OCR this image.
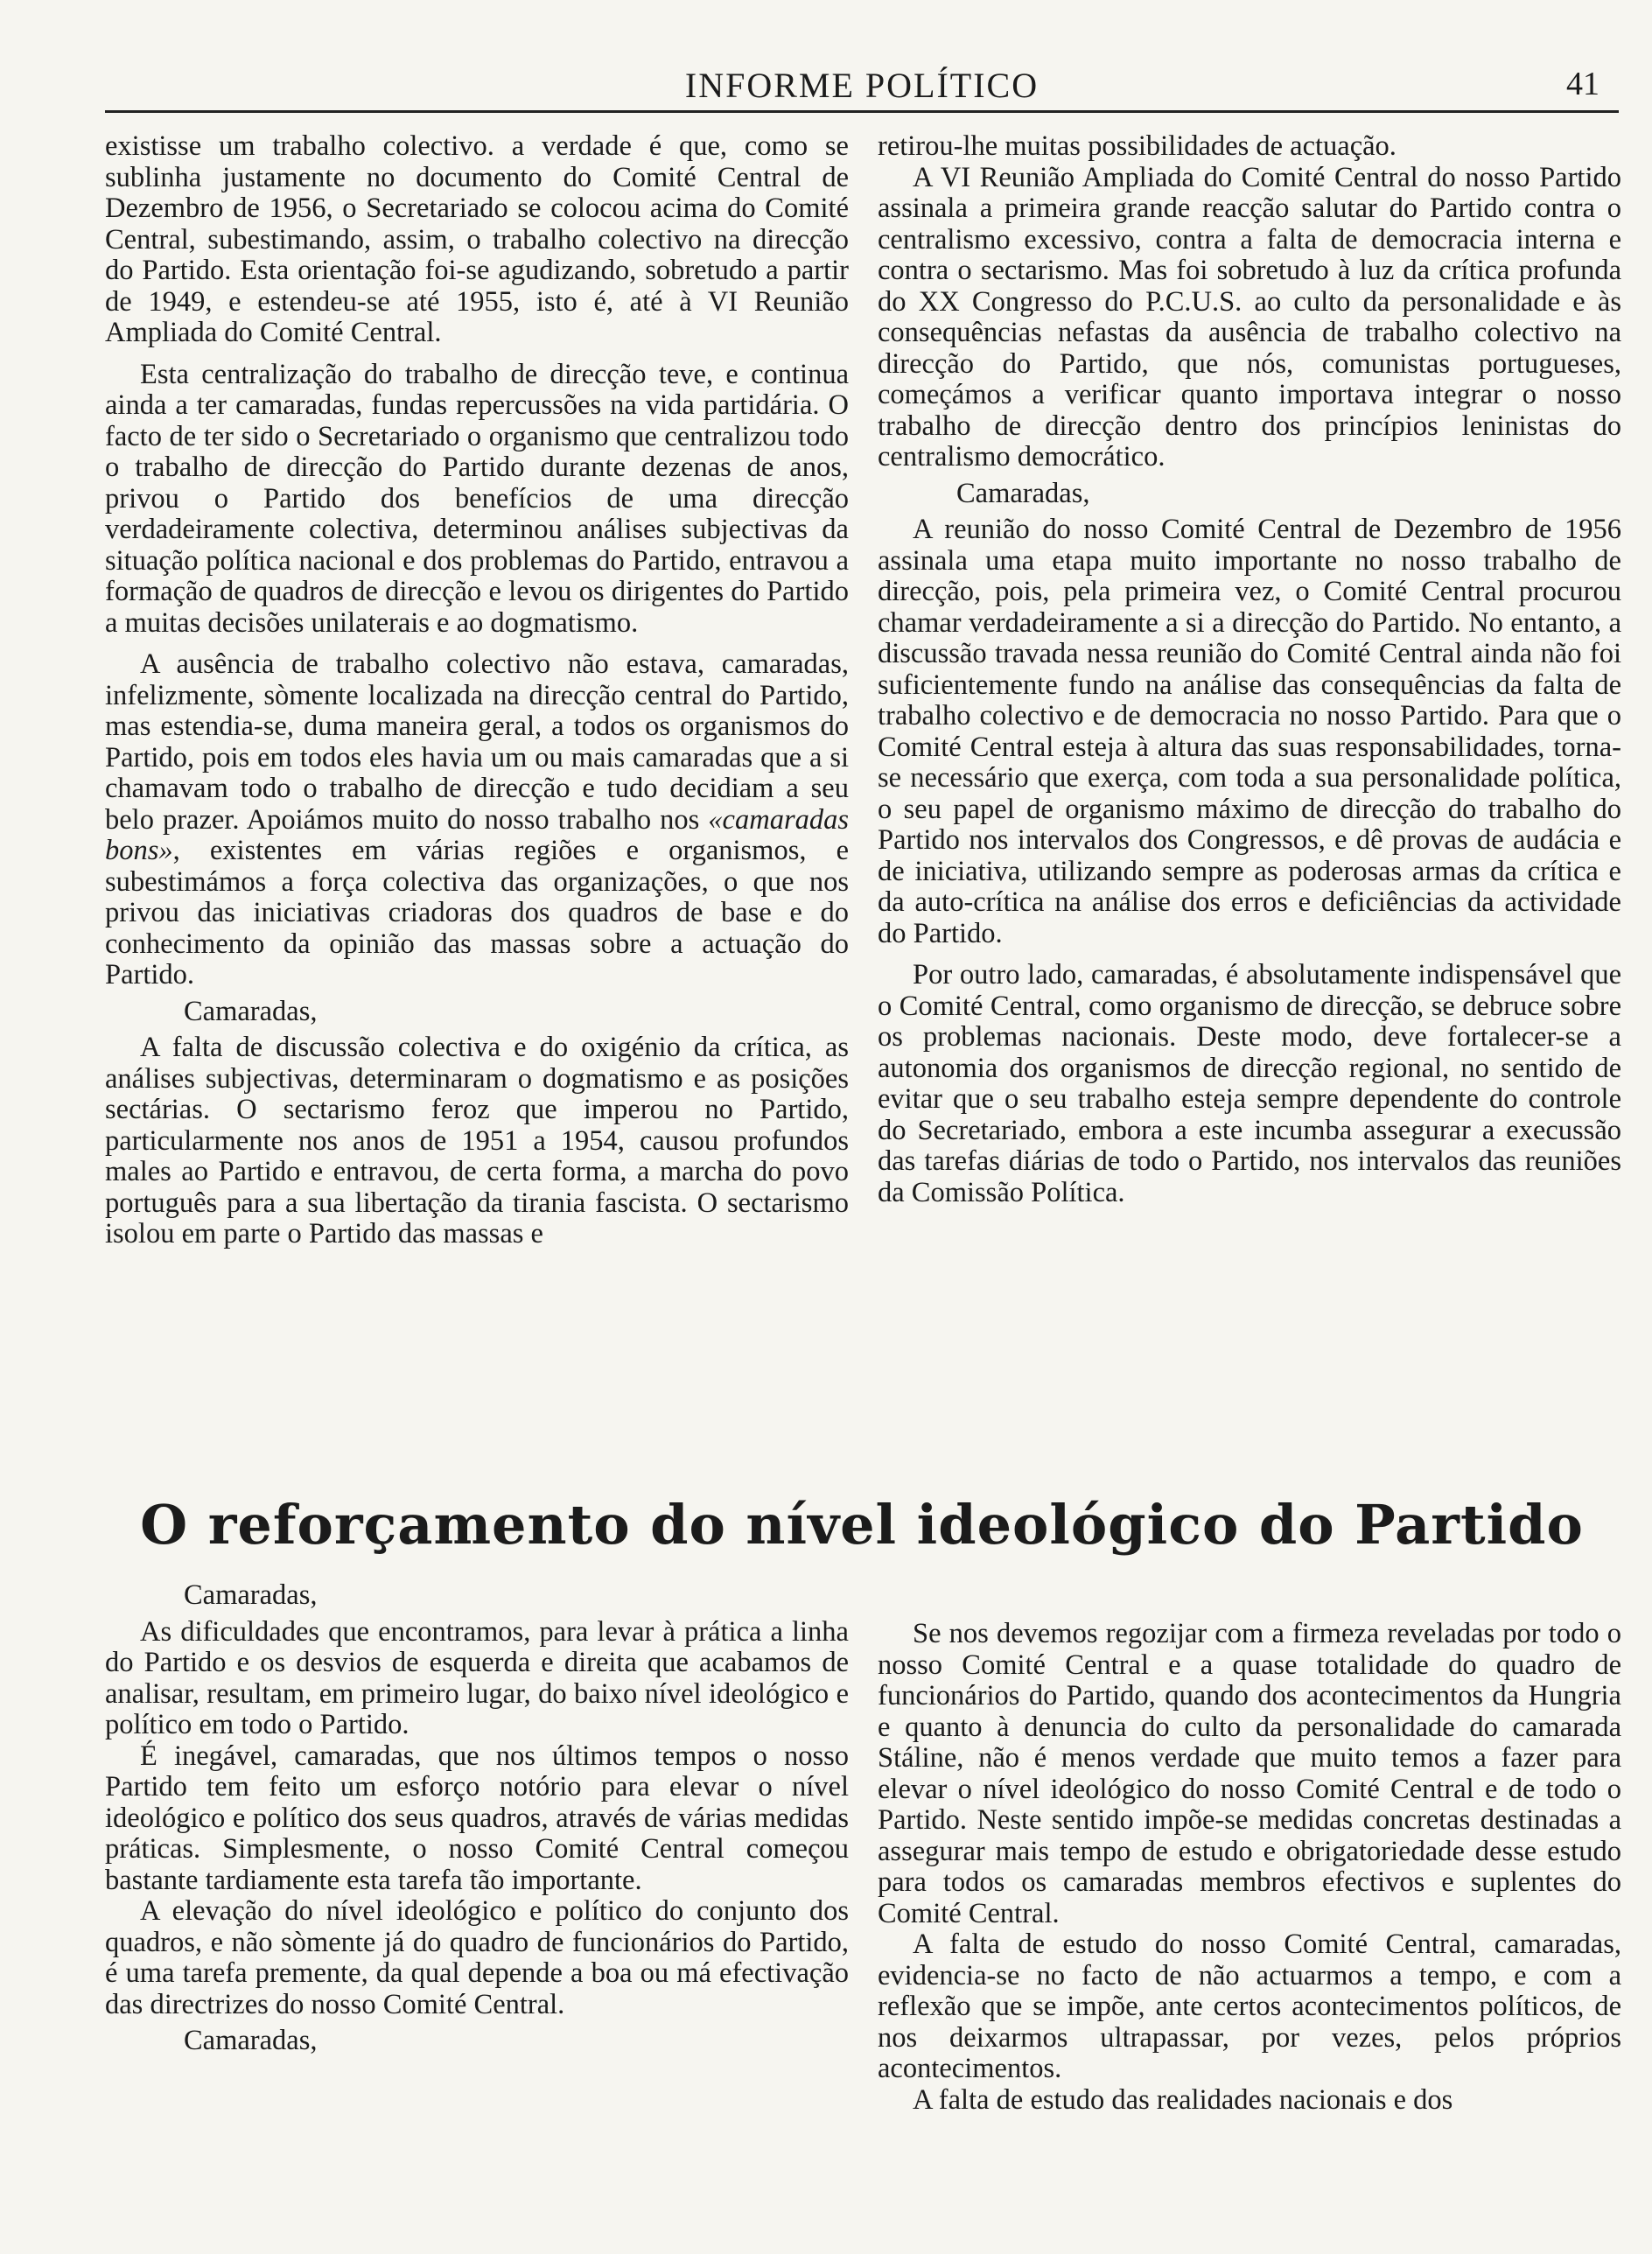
INFORME POLÍTICO	41

existisse um trabalho colectivo. a verdade é que, como se sublinha justamente no documento do Comité Central de Dezembro de 1956, o Secretariado se colocou acima do Comité Central, subestimando, assim, o trabalho colectivo na direcção do Partido. Esta orientação foi-se agudizando, sobretudo a partir de 1949, e estendeu-se até 1955, isto é, até à VI Reunião Ampliada do Comité Central.

Esta centralização do trabalho de direcção teve, e continua ainda a ter camaradas, fundas repercussões na vida partidária. O facto de ter sido o Secretariado o organismo que centralizou todo o trabalho de direcção do Partido durante dezenas de anos, privou o Partido dos benefícios de uma direcção verdadeiramente colectiva, determinou análises subjectivas da situação política nacional e dos problemas do Partido, entravou a formação de quadros de direcção e levou os dirigentes do Partido a muitas decisões unilaterais e ao dogmatismo.

A ausência de trabalho colectivo não estava, camaradas, infelizmente, sòmente localizada na direcção central do Partido, mas estendia-se, duma maneira geral, a todos os organismos do Partido, pois em todos eles havia um ou mais camaradas que a si chamavam todo o trabalho de direcção e tudo decidiam a seu belo prazer. Apoiámos muito do nosso trabalho nos «camaradas bons», existentes em várias regiões e organismos, e subestimámos a força colectiva das organizações, o que nos privou das iniciativas criadoras dos quadros de base e do conhecimento da opinião das massas sobre a actuação do Partido.

Camaradas,

A falta de discussão colectiva e do oxigénio da crítica, as análises subjectivas, determinaram o dogmatismo e as posições sectárias. O sectarismo feroz que imperou no Partido, particularmente nos anos de 1951 a 1954, causou profundos males ao Partido e entravou, de certa forma, a marcha do povo português para a sua libertação da tirania fascista. O sectarismo isolou em parte o Partido das massas e

retirou-lhe muitas possibilidades de actuação.

A VI Reunião Ampliada do Comité Central do nosso Partido assinala a primeira grande reacção salutar do Partido contra o centralismo excessivo, contra a falta de democracia interna e contra o sectarismo. Mas foi sobretudo à luz da crítica profunda do XX Congresso do P.C.U.S. ao culto da personalidade e às consequências nefastas da ausência de trabalho colectivo na direcção do Partido, que nós, comunistas portugueses, começámos a verificar quanto importava integrar o nosso trabalho de direcção dentro dos princípios leninistas do centralismo democrático.

Camaradas,

A reunião do nosso Comité Central de Dezembro de 1956 assinala uma etapa muito importante no nosso trabalho de direcção, pois, pela primeira vez, o Comité Central procurou chamar verdadeiramente a si a direcção do Partido. No entanto, a discussão travada nessa reunião do Comité Central ainda não foi suficientemente fundo na análise das consequências da falta de trabalho colectivo e de democracia no nosso Partido. Para que o Comité Central esteja à altura das suas responsabilidades, torna-se necessário que exerça, com toda a sua personalidade política, o seu papel de organismo máximo de direcção do trabalho do Partido nos intervalos dos Congressos, e dê provas de audácia e de iniciativa, utilizando sempre as poderosas armas da crítica e da auto-crítica na análise dos erros e deficiências da actividade do Partido.

Por outro lado, camaradas, é absolutamente indispensável que o Comité Central, como organismo de direcção, se debruce sobre os problemas nacionais. Deste modo, deve fortalecer-se a autonomia dos organismos de direcção regional, no sentido de evitar que o seu trabalho esteja sempre dependente do controle do Secretariado, embora a este incumba assegurar a execussão das tarefas diárias de todo o Partido, nos intervalos das reuniões da Comissão Política.

O reforçamento do nível ideológico do Partido

Camaradas,

As dificuldades que encontramos, para levar à prática a linha do Partido e os desvios de esquerda e direita que acabamos de analisar, resultam, em primeiro lugar, do baixo nível ideológico e político em todo o Partido.

É inegável, camaradas, que nos últimos tempos o nosso Partido tem feito um esforço notório para elevar o nível ideológico e político dos seus quadros, através de várias medidas práticas. Simplesmente, o nosso Comité Central começou bastante tardiamente esta tarefa tão importante.

A elevação do nível ideológico e político do conjunto dos quadros, e não sòmente já do quadro de funcionários do Partido, é uma tarefa premente, da qual depende a boa ou má efectivação das directrizes do nosso Comité Central.

Camaradas,

Se nos devemos regozijar com a firmeza reveladas por todo o nosso Comité Central e a quase totalidade do quadro de funcionários do Partido, quando dos acontecimentos da Hungria e quanto à denuncia do culto da personalidade do camarada Stáline, não é menos verdade que muito temos a fazer para elevar o nível ideológico do nosso Comité Central e de todo o Partido. Neste sentido impõe-se medidas concretas destinadas a assegurar mais tempo de estudo e obrigatoriedade desse estudo para todos os camaradas membros efectivos e suplentes do Comité Central.

A falta de estudo do nosso Comité Central, camaradas, evidencia-se no facto de não actuarmos a tempo, e com a reflexão que se impõe, ante certos acontecimentos políticos, de nos deixarmos ultrapassar, por vezes, pelos próprios acontecimentos.

A falta de estudo das realidades nacionais e dos
